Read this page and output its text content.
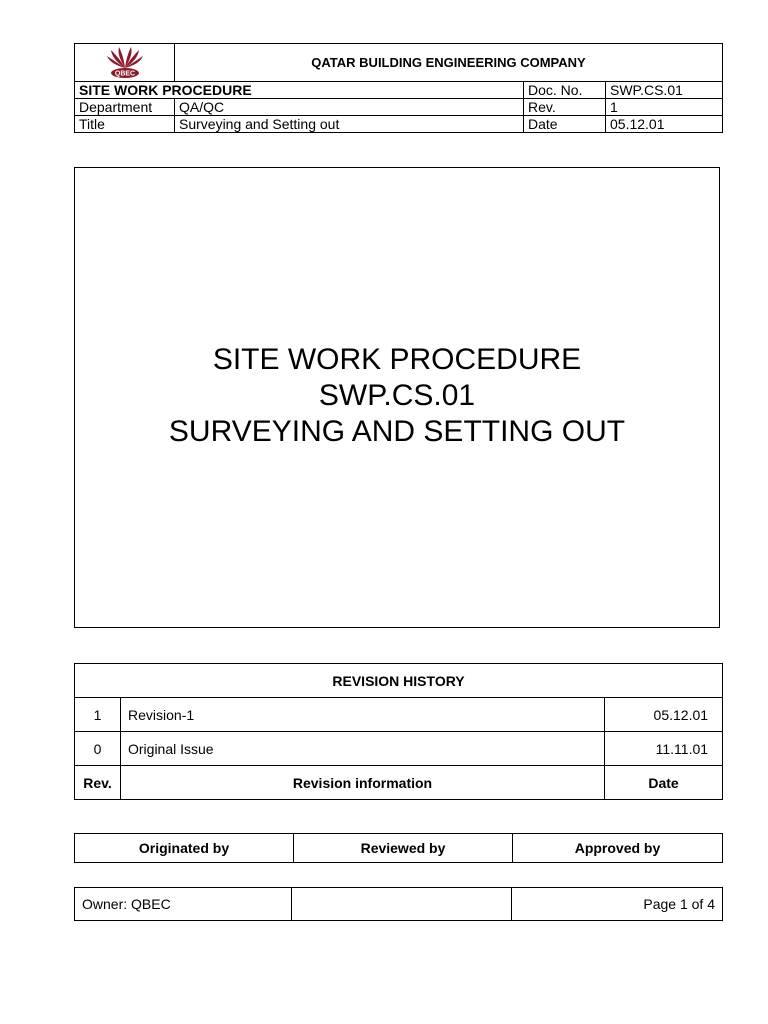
QBEC	QATAR BUILDING ENGINEERING COMPANY		
SITE WORK PROCEDURE		Doc. No.	SWP.CS.01
Department	QA/QC	Rev.	1
Title	Surveying and Setting out	Date	05.12.01
SITE WORK PROCEDURE
SWP.CS.01
SURVEYING AND SETTING OUT
REVISION HISTORY		
1	Revision-1	05.12.01
0	Original Issue	11.11.01
Rev.	Revision information	Date
Originated by	Reviewed by	Approved by
Owner: QBEC		Page 1 of 4
